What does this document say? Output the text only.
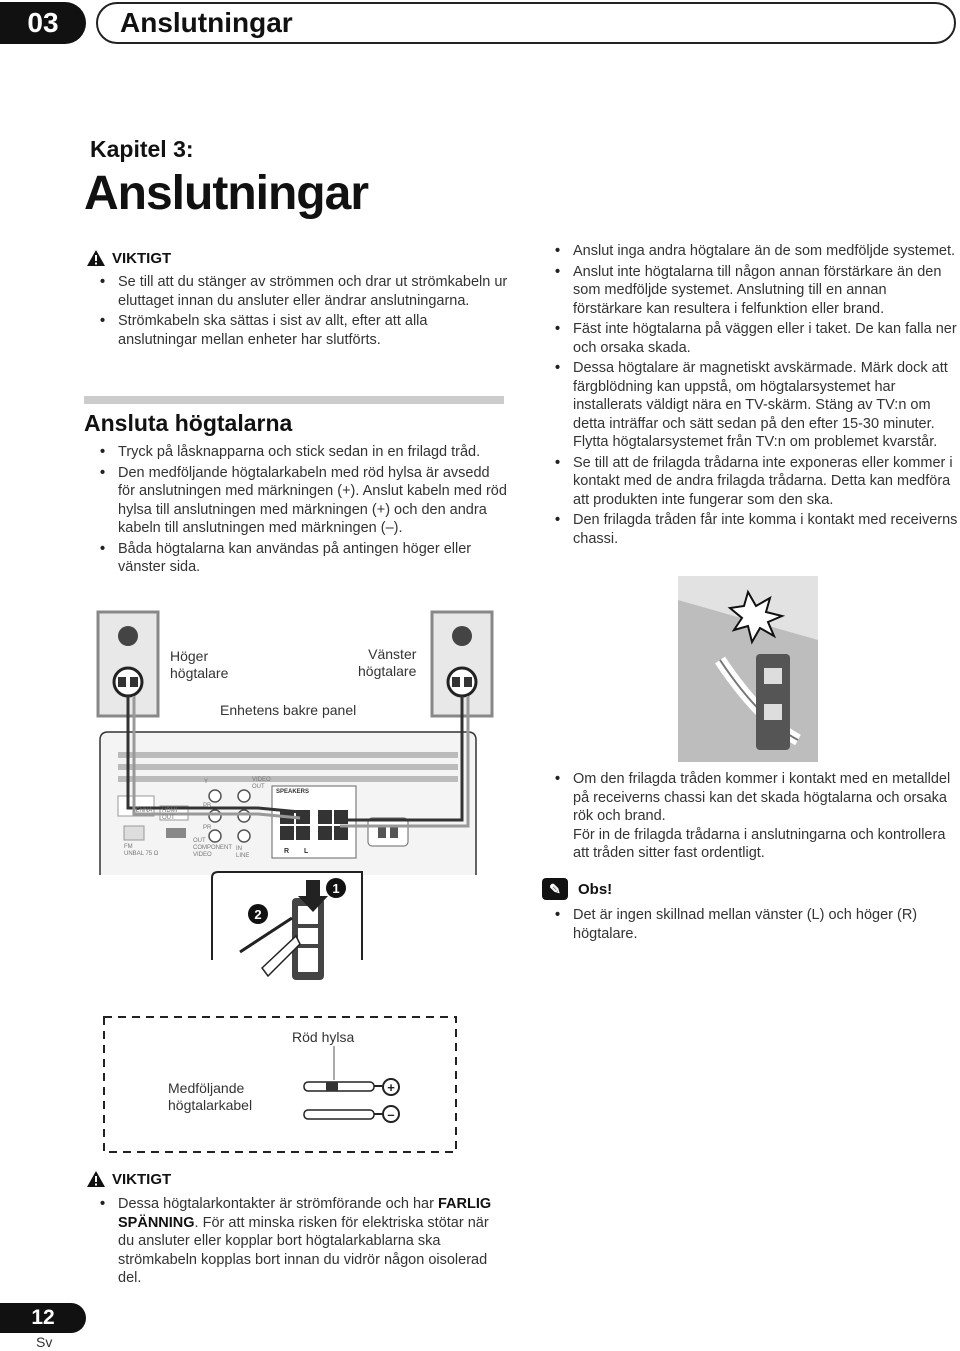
03	Anslutningar
Kapitel 3:
Anslutningar
VIKTIGT
• Se till att du stänger av strömmen och drar ut strömkabeln ur eluttaget innan du ansluter eller ändrar anslutningarna.
• Strömkabeln ska sättas i sist av allt, efter att alla anslutningar mellan enheter har slutförts.
Ansluta högtalarna
• Tryck på låsknapparna och stick sedan in en frilagd tråd.
• Den medföljande högtalarkabeln med röd hylsa är avsedd för anslutningen med märkningen (+). Anslut kabeln med röd hylsa till anslutningen med märkningen (+) och den andra kabeln till anslutningen med märkningen (–).
• Båda högtalarna kan användas på antingen höger eller vänster sida.
• Anslut inga andra högtalare än de som medföljde systemet.
• Anslut inte högtalarna till någon annan förstärkare än den som medföljde systemet. Anslutning till en annan förstärkare kan resultera i felfunktion eller brand.
• Fäst inte högtalarna på väggen eller i taket. De kan falla ner och orsaka skada.
• Dessa högtalare är magnetiskt avskärmade. Märk dock att färgblödning kan uppstå, om högtalarsystemet har installerats väldigt nära en TV-skärm. Stäng av TV:n om detta inträffar och sätt sedan på den efter 15-30 minuter. Flytta högtalarsystemet från TV:n om problemet kvarstår.
• Se till att de frilagda trådarna inte exponeras eller kommer i kontakt med de andra frilagda trådarna. Detta kan medföra att produkten inte fungerar som den ska.
• Den frilagda tråden får inte komma i kontakt med receiverns chassi.
1
2
+
–
Höger
högtalare
Vänster
högtalare
Enhetens bakre panel
TENNA HDMI
OUT
FM
UNBAL 75 Ω
Y
PB
PR
OUT
COMPONENT
VIDEO
VIDEO
OUT
IN
LINE
SPEAKERS
R L
Röd hylsa
Medföljande
högtalarkabel
• Om den frilagda tråden kommer i kontakt med en metalldel på receiverns chassi kan det skada högtalarna och orsaka rök och brand.
För in de frilagda trådarna i anslutningarna och kontrollera att tråden sitter fast ordentligt.
✎	Obs!
• Det är ingen skillnad mellan vänster (L) och höger (R) högtalare.
VIKTIGT
• Dessa högtalarkontakter är strömförande och har FARLIG SPÄNNING. För att minska risken för elektriska stötar när du ansluter eller kopplar bort högtalarkablarna ska strömkabeln kopplas bort innan du vidrör någon oisolerad del.
12
Sv
